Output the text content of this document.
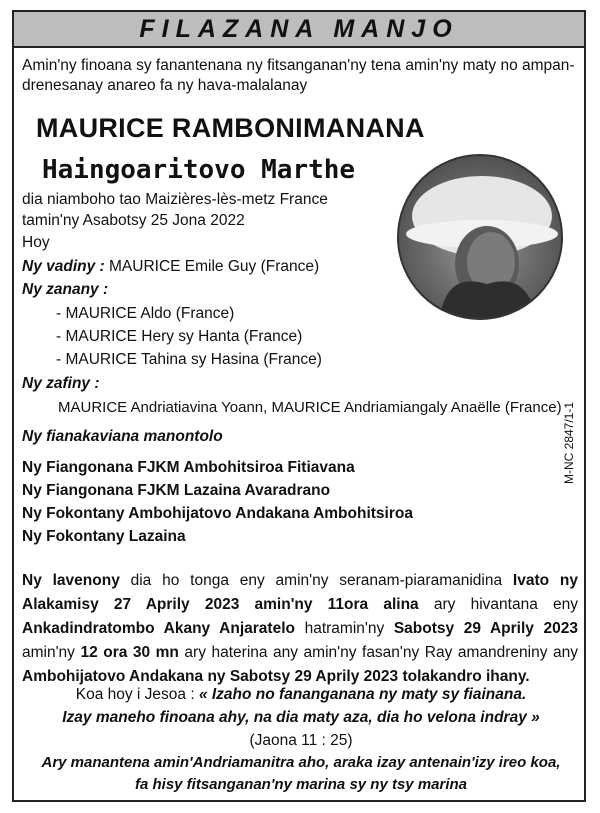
FILAZANA MANJO
Amin'ny finoana sy fanantenana ny fitsanganan'ny tena amin'ny maty no ampan-drenesanay anareo fa ny hava-malalanay
MAURICE RAMBONIMANANA
Haingoaritovo Marthe
dia niamboho tao Maizières-lès-metz France
tamin'ny Asabotsy 25 Jona 2022
Hoy
Ny vadiny : MAURICE Emile Guy (France)
Ny zanany :
- MAURICE Aldo (France)
- MAURICE Hery sy Hanta (France)
- MAURICE Tahina sy Hasina (France)
Ny zafiny :
MAURICE Andriatiavina Yoann, MAURICE Andriamiangaly Anaëlle (France)
Ny fianakaviana manontolo
Ny Fiangonana FJKM Ambohitsiroa Fitiavana
Ny Fiangonana FJKM Lazaina Avaradrano
Ny Fokontany Ambohijatovo Andakana Ambohitsiroa
Ny Fokontany Lazaina
M-NC 2847/1-1
Ny lavenony dia ho tonga eny amin'ny seranam-piaramanidina Ivato ny
Alakamisy 27 Aprily 2023 amin'ny 11ora alina ary hivantana eny
Ankadindratombo Akany Anjaratelo hatramin'ny Sabotsy 29 Aprily 2023
amin'ny 12 ora 30 mn ary haterina any amin'ny fasan'ny Ray amandreniny any
Ambohijatovo Andakana ny Sabotsy 29 Aprily 2023 tolakandro ihany.
Koa hoy i Jesoa : « Izaho no fananganana ny maty sy fiainana.
Izay maneho finoana ahy, na dia maty aza, dia ho velona indray »
(Jaona 11 : 25)
Ary manantena amin'Andriamanitra aho, araka izay antenain'izy ireo koa,
fa hisy fitsanganan'ny marina sy ny tsy marina
